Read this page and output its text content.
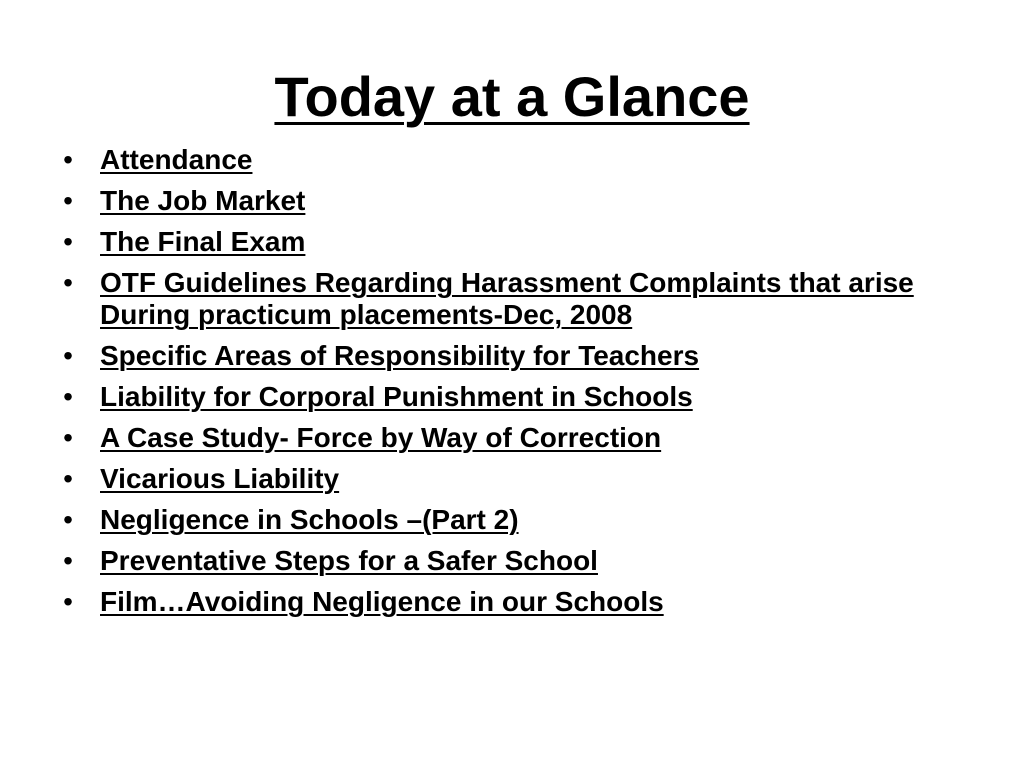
Today at a Glance
• Attendance
• The Job Market
• The Final Exam
• OTF Guidelines Regarding Harassment Complaints that arise During practicum placements-Dec, 2008
• Specific Areas of Responsibility for Teachers
• Liability for Corporal Punishment in Schools
• A Case Study- Force by Way of Correction
• Vicarious Liability
• Negligence in Schools –(Part 2)
• Preventative Steps for a Safer School
• Film…Avoiding Negligence in our Schools
